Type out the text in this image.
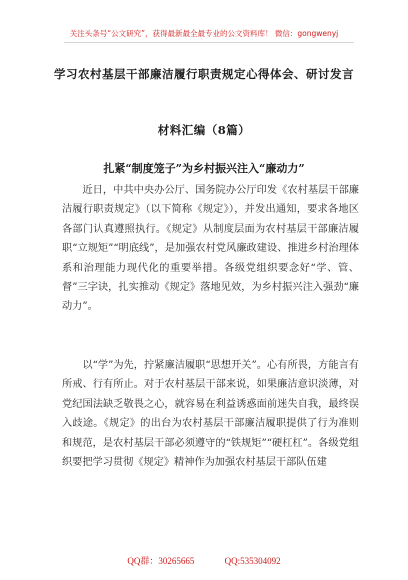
关注头条号“公文研究”，获得最新最全最专业的公文资料库！ 微信：gongwenyj
学习农村基层干部廉洁履行职责规定心得体会、研讨发言
材料汇编（8篇）
扎紧“制度笼子”为乡村振兴注入“廉动力”

近日，中共中央办公厅、国务院办公厅印发《农村基层干部廉洁履行职责规定》（以下简称《规定》），并发出通知，要求各地区各部门认真遵照执行。《规定》从制度层面为农村基层干部廉洁履职“立规矩”“明底线”，是加强农村党风廉政建设、推进乡村治理体系和治理能力现代化的重要举措。各级党组织要念好“学、管、督”三字诀，扎实推动《规定》落地见效，为乡村振兴注入强劲“廉动力”。

以“学”为先，拧紧廉洁履职“思想开关”。心有所畏，方能言有所戒、行有所止。对于农村基层干部来说，如果廉洁意识淡薄，对党纪国法缺乏敬畏之心，就容易在利益诱惑面前迷失自我，最终误入歧途。《规定》的出台为农村基层干部廉洁履职提供了行为准则和规范，是农村基层干部必须遵守的“铁规矩”“硬杠杠”。各级党组织要把学习贯彻《规定》精神作为加强农村基层干部队伍建

QQ群：30265665	QQ:535304092
